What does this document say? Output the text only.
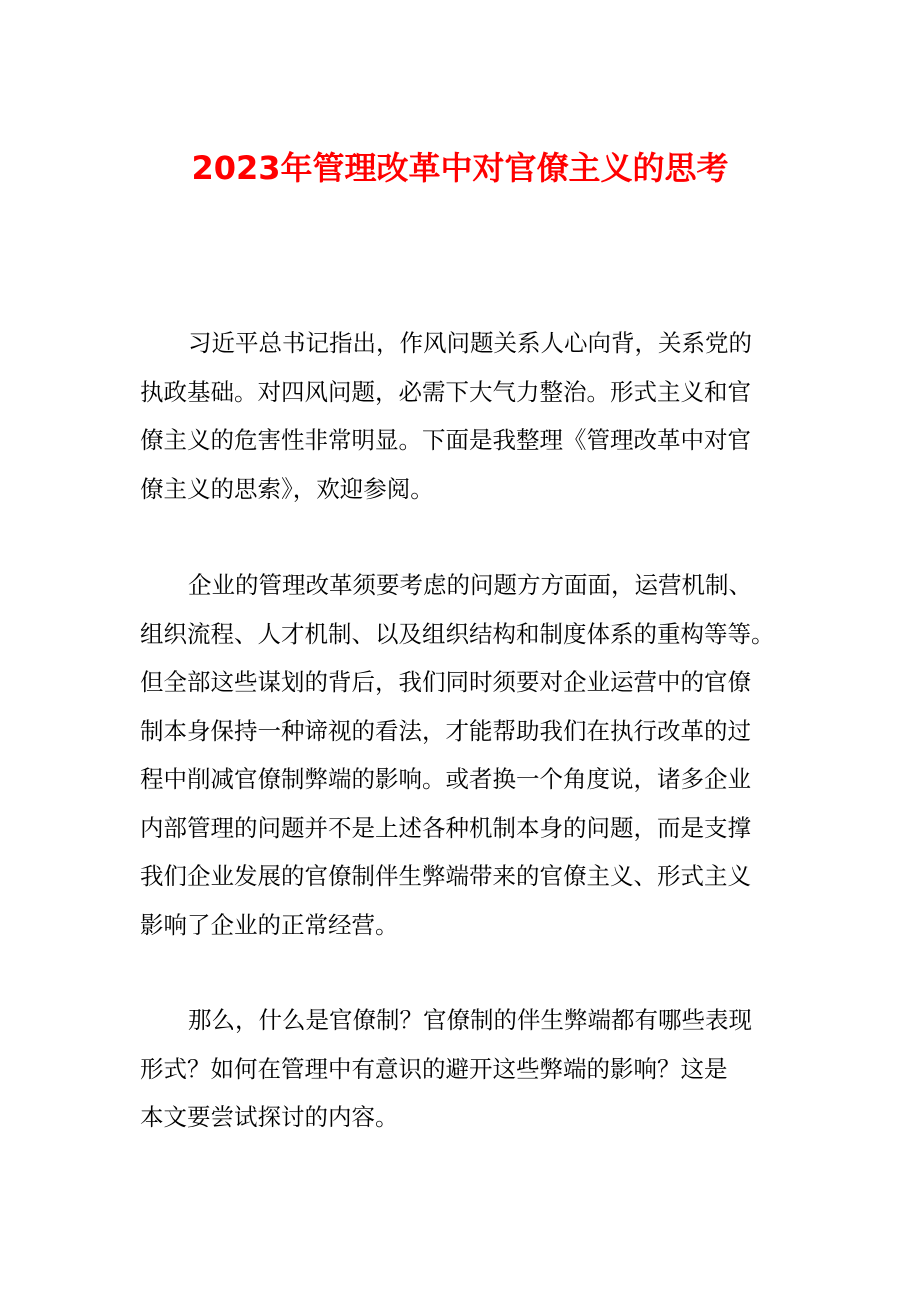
2023年管理改革中对官僚主义的思考
习近平总书记指出，作风问题关系人心向背，关系党的
执政基础。对四风问题，必需下大气力整治。形式主义和官
僚主义的危害性非常明显。下面是我整理《管理改革中对官
僚主义的思索》，欢迎参阅。
企业的管理改革须要考虑的问题方方面面，运营机制、
组织流程、人才机制、以及组织结构和制度体系的重构等等。
但全部这些谋划的背后，我们同时须要对企业运营中的官僚
制本身保持一种谛视的看法，才能帮助我们在执行改革的过
程中削减官僚制弊端的影响。或者换一个角度说，诸多企业
内部管理的问题并不是上述各种机制本身的问题，而是支撑
我们企业发展的官僚制伴生弊端带来的官僚主义、形式主义
影响了企业的正常经营。
那么，什么是官僚制？官僚制的伴生弊端都有哪些表现
形式？如何在管理中有意识的避开这些弊端的影响？这是
本文要尝试探讨的内容。
